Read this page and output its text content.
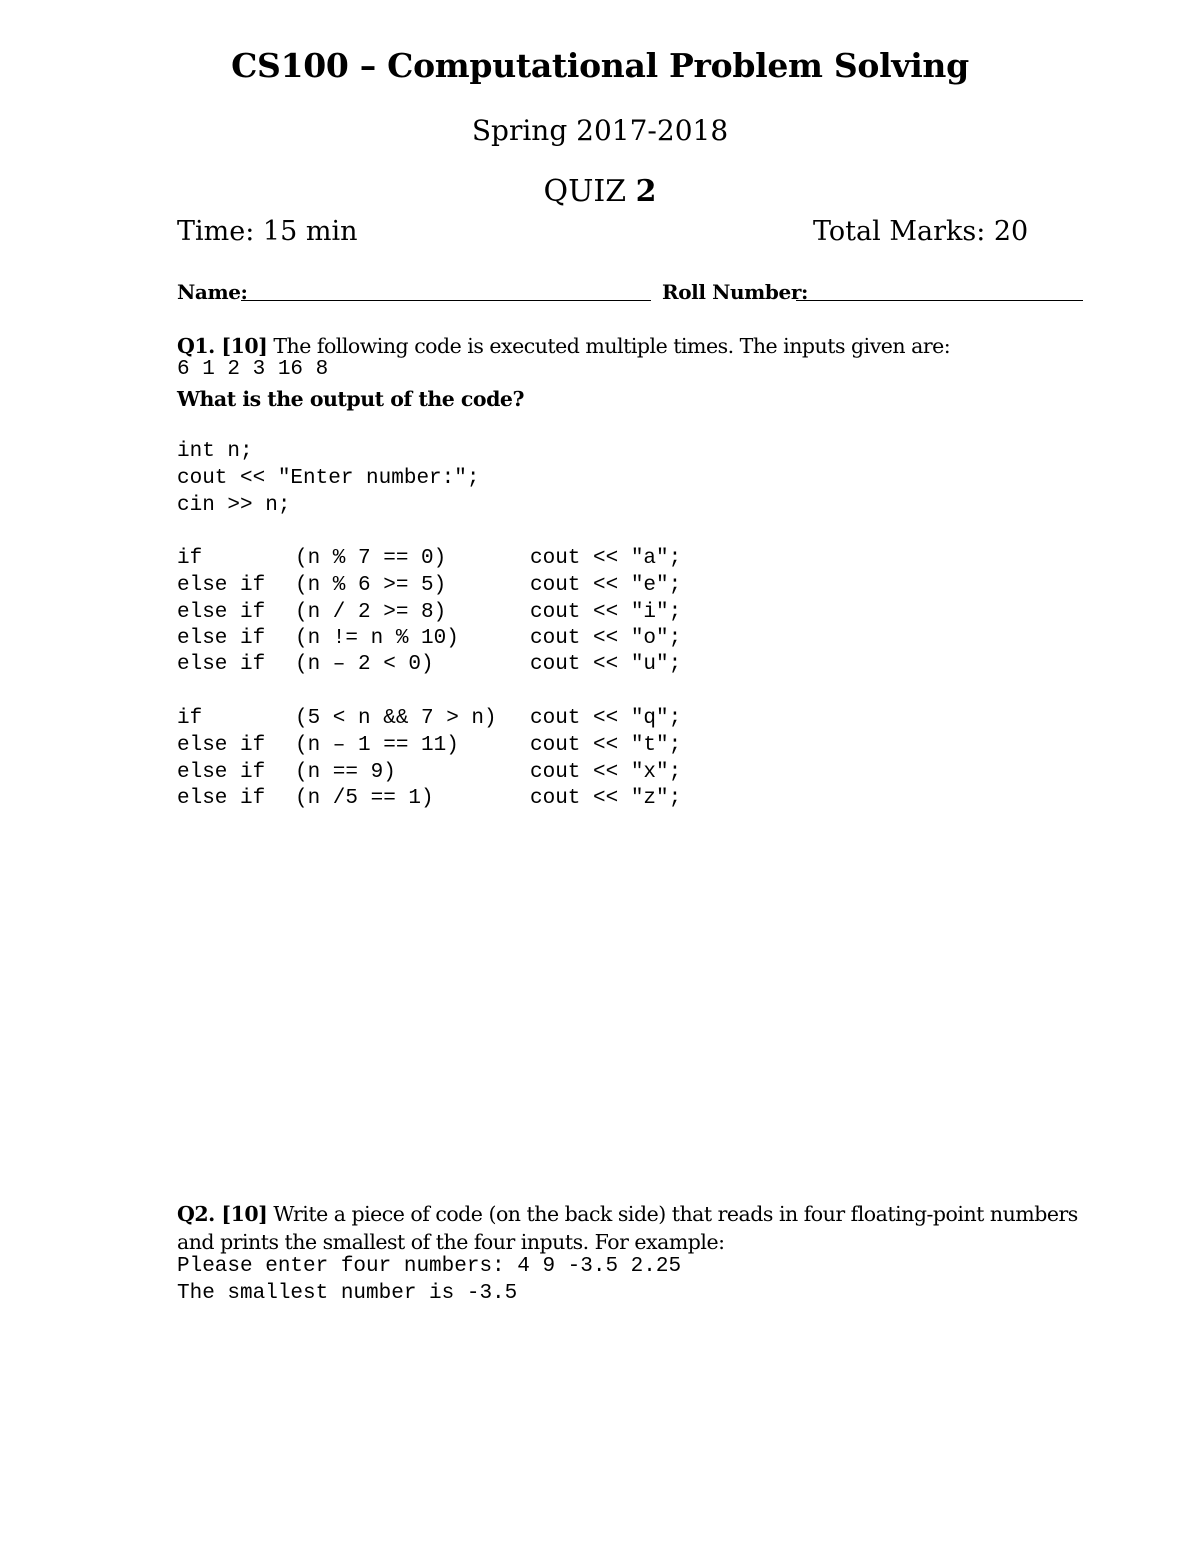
CS100 – Computational Problem Solving
Spring 2017-2018
QUIZ 2
Time: 15 min	Total Marks: 20
Name:	Roll Number:
Q1. [10] The following code is executed multiple times. The inputs given are:
6 1 2 3 16 8
What is the output of the code?
int n;
cout << "Enter number:";
cin >> n;
if	(n % 7 == 0)	cout << "a";
else if (n % 6 >= 5)	cout << "e";
else if (n / 2 >= 8)	cout << "i";
else if (n != n % 10)	cout << "o";
else if (n – 2 < 0)	cout << "u";
if	(5 < n && 7 > n) cout << "q";
else if (n – 1 == 11)	cout << "t";
else if (n == 9)	cout << "x";
else if (n /5 == 1)	cout << "z";
Q2. [10] Write a piece of code (on the back side) that reads in four floating-point numbers
and prints the smallest of the four inputs. For example:
Please enter four numbers: 4 9 -3.5 2.25
The smallest number is -3.5
